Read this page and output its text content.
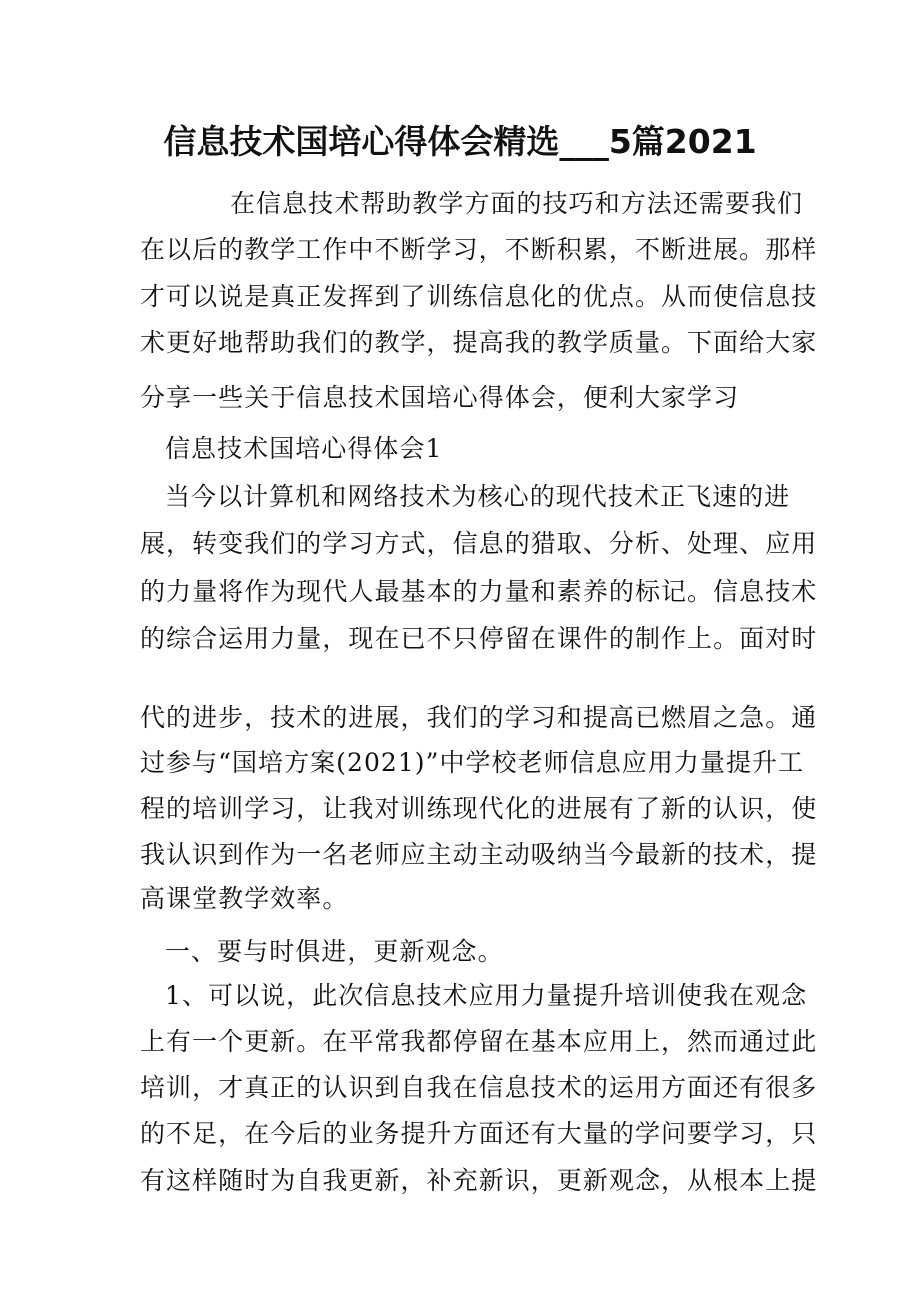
信息技术国培心得体会精选___5篇2021
在信息技术帮助教学方面的技巧和方法还需要我们
在以后的教学工作中不断学习，不断积累，不断进展。那样
才可以说是真正发挥到了训练信息化的优点。从而使信息技
术更好地帮助我们的教学，提高我的教学质量。下面给大家
分享一些关于信息技术国培心得体会，便利大家学习
信息技术国培心得体会1
当今以计算机和网络技术为核心的现代技术正飞速的进
展，转变我们的学习方式，信息的猎取、分析、处理、应用
的力量将作为现代人最基本的力量和素养的标记。信息技术
的综合运用力量，现在已不只停留在课件的制作上。面对时
代的进步，技术的进展，我们的学习和提高已燃眉之急。通
过参与“国培方案(2021)”中学校老师信息应用力量提升工
程的培训学习，让我对训练现代化的进展有了新的认识，使
我认识到作为一名老师应主动主动吸纳当今最新的技术，提
高课堂教学效率。
一、要与时俱进，更新观念。
1、可以说，此次信息技术应用力量提升培训使我在观念
上有一个更新。在平常我都停留在基本应用上，然而通过此
培训，才真正的认识到自我在信息技术的运用方面还有很多
的不足，在今后的业务提升方面还有大量的学问要学习，只
有这样随时为自我更新，补充新识，更新观念，从根本上提
